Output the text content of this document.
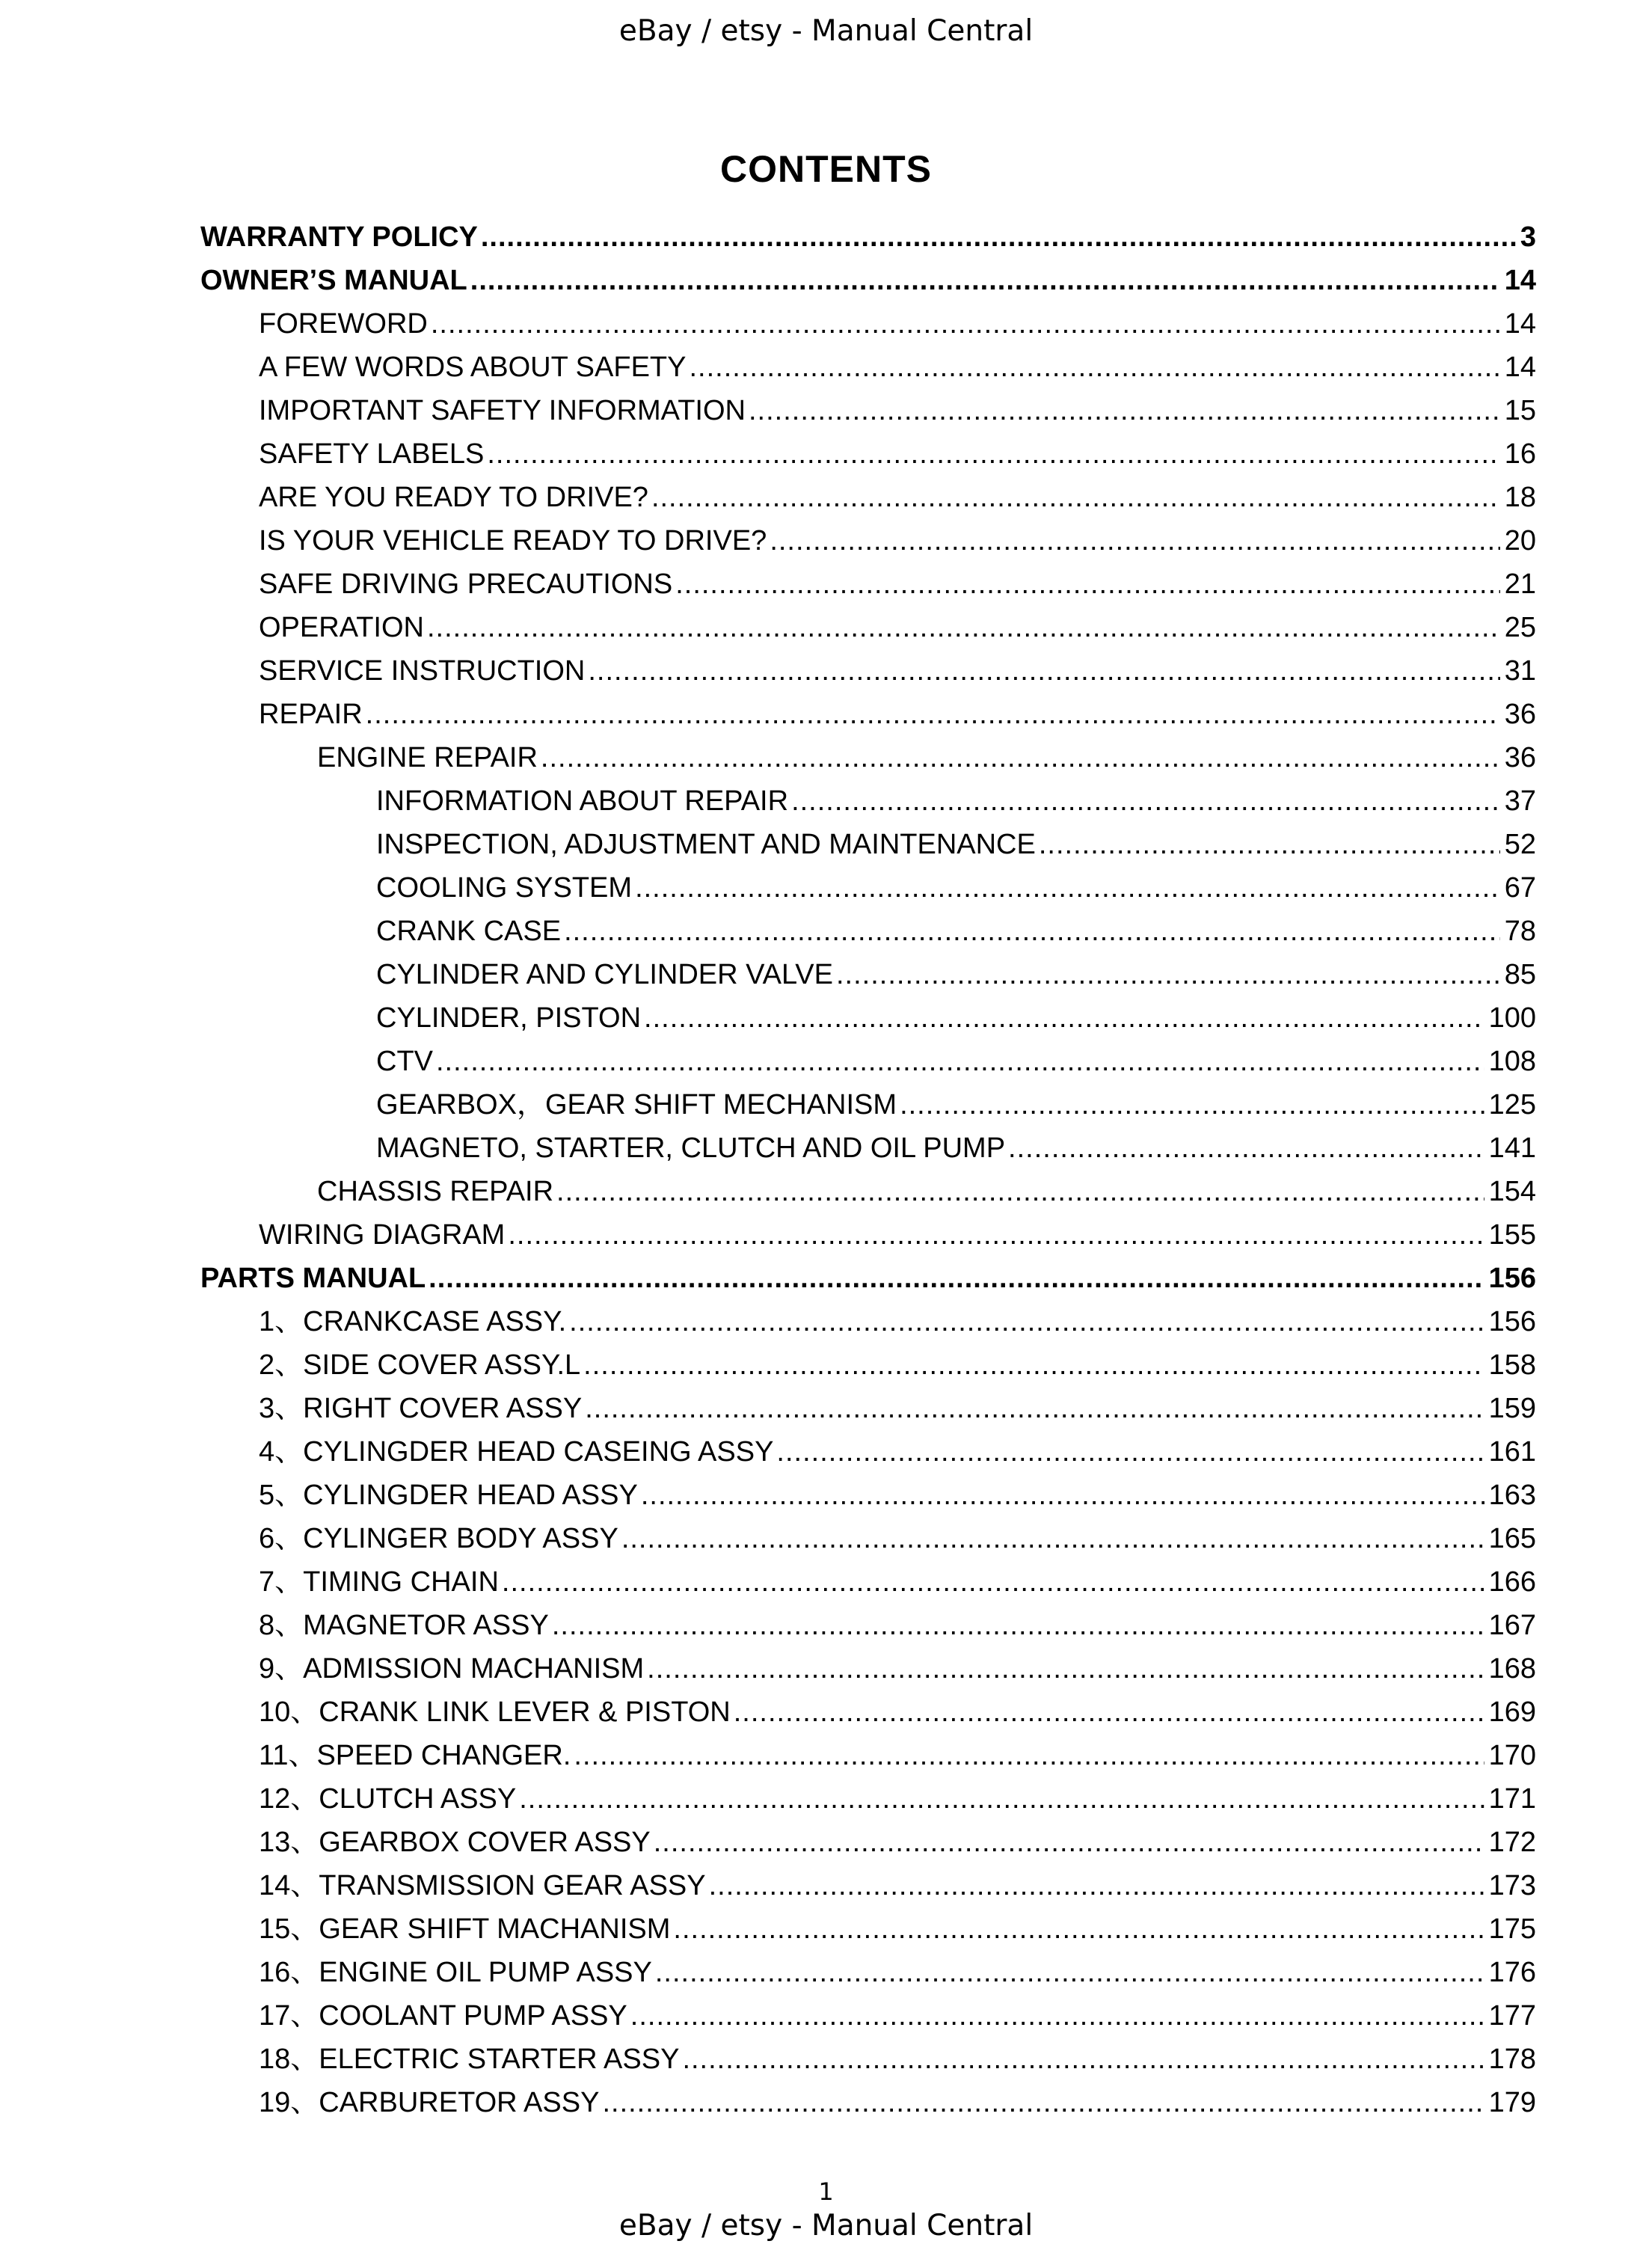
eBay / etsy - Manual Central
CONTENTS
WARRANTY POLICY .....	3
OWNER’S MANUAL .....	14
FOREWORD .....	14
A FEW WORDS ABOUT SAFETY .....	14
IMPORTANT SAFETY INFORMATION .....	15
SAFETY LABELS .....	16
ARE YOU READY TO DRIVE? .....	18
IS YOUR VEHICLE READY TO DRIVE? .....	20
SAFE DRIVING PRECAUTIONS .....	21
OPERATION .....	25
SERVICE INSTRUCTION .....	31
REPAIR .....	36
ENGINE REPAIR .....	36
INFORMATION ABOUT REPAIR .....	37
INSPECTION, ADJUSTMENT AND MAINTENANCE .....	52
COOLING SYSTEM .....	67
CRANK CASE .....	78
CYLINDER AND CYLINDER VALVE .....	85
CYLINDER, PISTON .....	100
CTV .....	108
GEARBOX，GEAR SHIFT MECHANISM .....	125
MAGNETO, STARTER, CLUTCH AND OIL PUMP .....	141
CHASSIS REPAIR .....	154
WIRING DIAGRAM .....	155
PARTS MANUAL .....	156
1、CRANKCASE ASSY. .....	156
2、SIDE COVER ASSY.L .....	158
3、RIGHT COVER ASSY .....	159
4、CYLINGDER HEAD CASEING ASSY .....	161
5、CYLINGDER HEAD ASSY .....	163
6、CYLINGER BODY ASSY .....	165
7、TIMING CHAIN .....	166
8、MAGNETOR ASSY .....	167
9、ADMISSION MACHANISM .....	168
10、CRANK LINK LEVER & PISTON .....	169
11、SPEED CHANGER. .....	170
12、CLUTCH ASSY .....	171
13、GEARBOX COVER ASSY .....	172
14、TRANSMISSION GEAR ASSY .....	173
15、GEAR SHIFT MACHANISM .....	175
16、ENGINE OIL PUMP ASSY .....	176
17、COOLANT PUMP ASSY .....	177
18、ELECTRIC STARTER ASSY .....	178
19、CARBURETOR ASSY .....	179
1
eBay / etsy - Manual Central
